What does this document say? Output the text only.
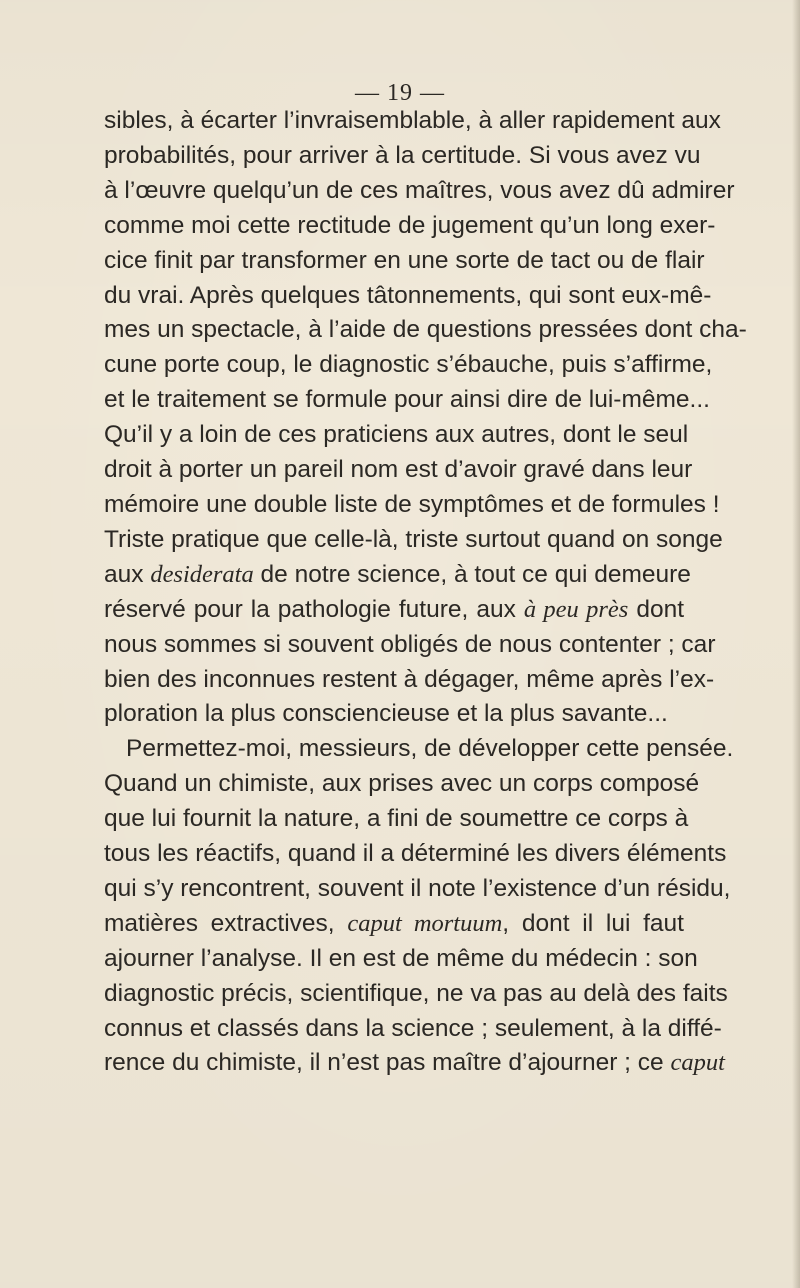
— 19 —
sibles, à écarter l’invraisemblable, à aller rapidement aux
probabilités, pour arriver à la certitude. Si vous avez vu
à l’œuvre quelqu’un de ces maîtres, vous avez dû admirer
comme moi cette rectitude de jugement qu’un long exer-
cice finit par transformer en une sorte de tact ou de flair
du vrai. Après quelques tâtonnements, qui sont eux-mê-
mes un spectacle, à l’aide de questions pressées dont cha-
cune porte coup, le diagnostic s’ébauche, puis s’affirme,
et le traitement se formule pour ainsi dire de lui-même...
Qu’il y a loin de ces praticiens aux autres, dont le seul
droit à porter un pareil nom est d’avoir gravé dans leur
mémoire une double liste de symptômes et de formules !
Triste pratique que celle-là, triste surtout quand on songe
aux desiderata de notre science, à tout ce qui demeure
réservé pour la pathologie future, aux à peu près dont
nous sommes si souvent obligés de nous contenter ; car
bien des inconnues restent à dégager, même après l’ex-
ploration la plus consciencieuse et la plus savante...
Permettez-moi, messieurs, de développer cette pensée.
Quand un chimiste, aux prises avec un corps composé
que lui fournit la nature, a fini de soumettre ce corps à
tous les réactifs, quand il a déterminé les divers éléments
qui s’y rencontrent, souvent il note l’existence d’un résidu,
matières extractives, caput mortuum, dont il lui faut
ajourner l’analyse. Il en est de même du médecin : son
diagnostic précis, scientifique, ne va pas au delà des faits
connus et classés dans la science ; seulement, à la diffé-
rence du chimiste, il n’est pas maître d’ajourner ; ce caput
